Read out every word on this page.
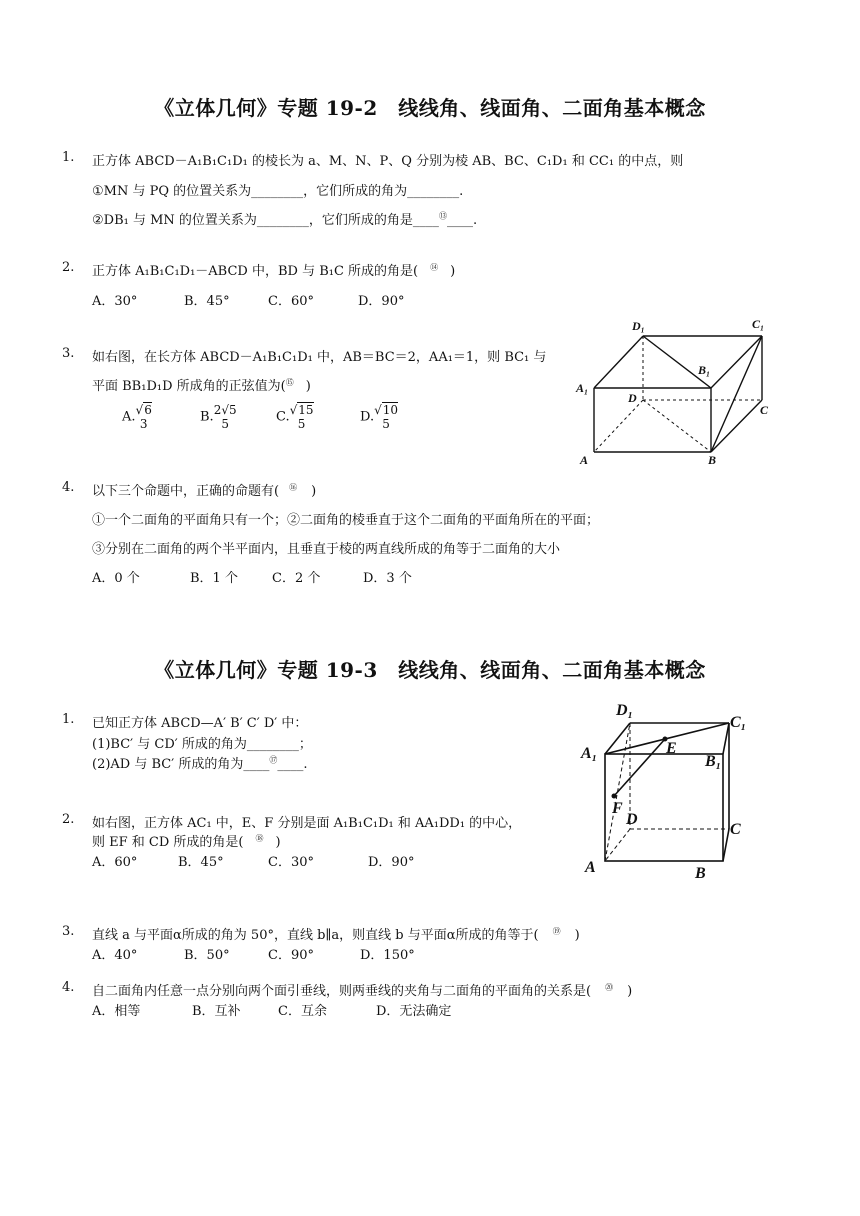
《立体几何》专题 19-2　线线角、线面角、二面角基本概念
1. 正方体 ABCD－A₁B₁C₁D₁ 的棱长为 a、M、N、P、Q 分别为棱 AB、BC、C₁D₁ 和 CC₁ 的中点，则
①MN 与 PQ 的位置关系为________，它们所成的角为________.
②DB₁ 与 MN 的位置关系为________，它们所成的角是____⑬____.
2. 正方体 A₁B₁C₁D₁－ABCD 中，BD 与 B₁C 所成的角是( ⑭ )
A．30°	B．45°	C．60°	D．90°
3. 如右图，在长方体 ABCD－A₁B₁C₁D₁ 中，AB＝BC＝2，AA₁＝1，则 BC₁ 与
平面 BB₁D₁D 所成角的正弦值为(⑮ )
A. √6
3	B. 2√5
5	C. √15
5	D. √10
5
D₁	C₁
B₁
A₁
D
C
A	B
4. 以下三个命题中，正确的命题有( ⑯ )
①一个二面角的平面角只有一个；②二面角的棱垂直于这个二面角的平面角所在的平面；
③分别在二面角的两个半平面内，且垂直于棱的两直线所成的角等于二面角的大小
A．0 个	B．1 个	C．2 个	D．3 个
《立体几何》专题 19-3　线线角、线面角、二面角基本概念
1. 已知正方体 ABCD—A′ B′ C′ D′ 中：
(1)BC′ 与 CD′ 所成的角为________；
(2)AD 与 BC′ 所成的角为____⑰____.
2. 如右图，正方体 AC₁ 中，E、F 分别是面 A₁B₁C₁D₁ 和 AA₁DD₁ 的中心，
则 EF 和 CD 所成的角是( ⑱ )
A．60°	B．45°	C．30°	D．90°
D₁
C₁
A₁	B₁
E
F
D
C
A	B
3. 直线 a 与平面α所成的角为 50°，直线 b∥a，则直线 b 与平面α所成的角等于( ⑲ )
A．40°	B．50°	C．90°	D．150°
4. 自二面角内任意一点分别向两个面引垂线，则两垂线的夹角与二面角的平面角的关系是( ⑳ )
A．相等	B．互补	C．互余	D．无法确定
